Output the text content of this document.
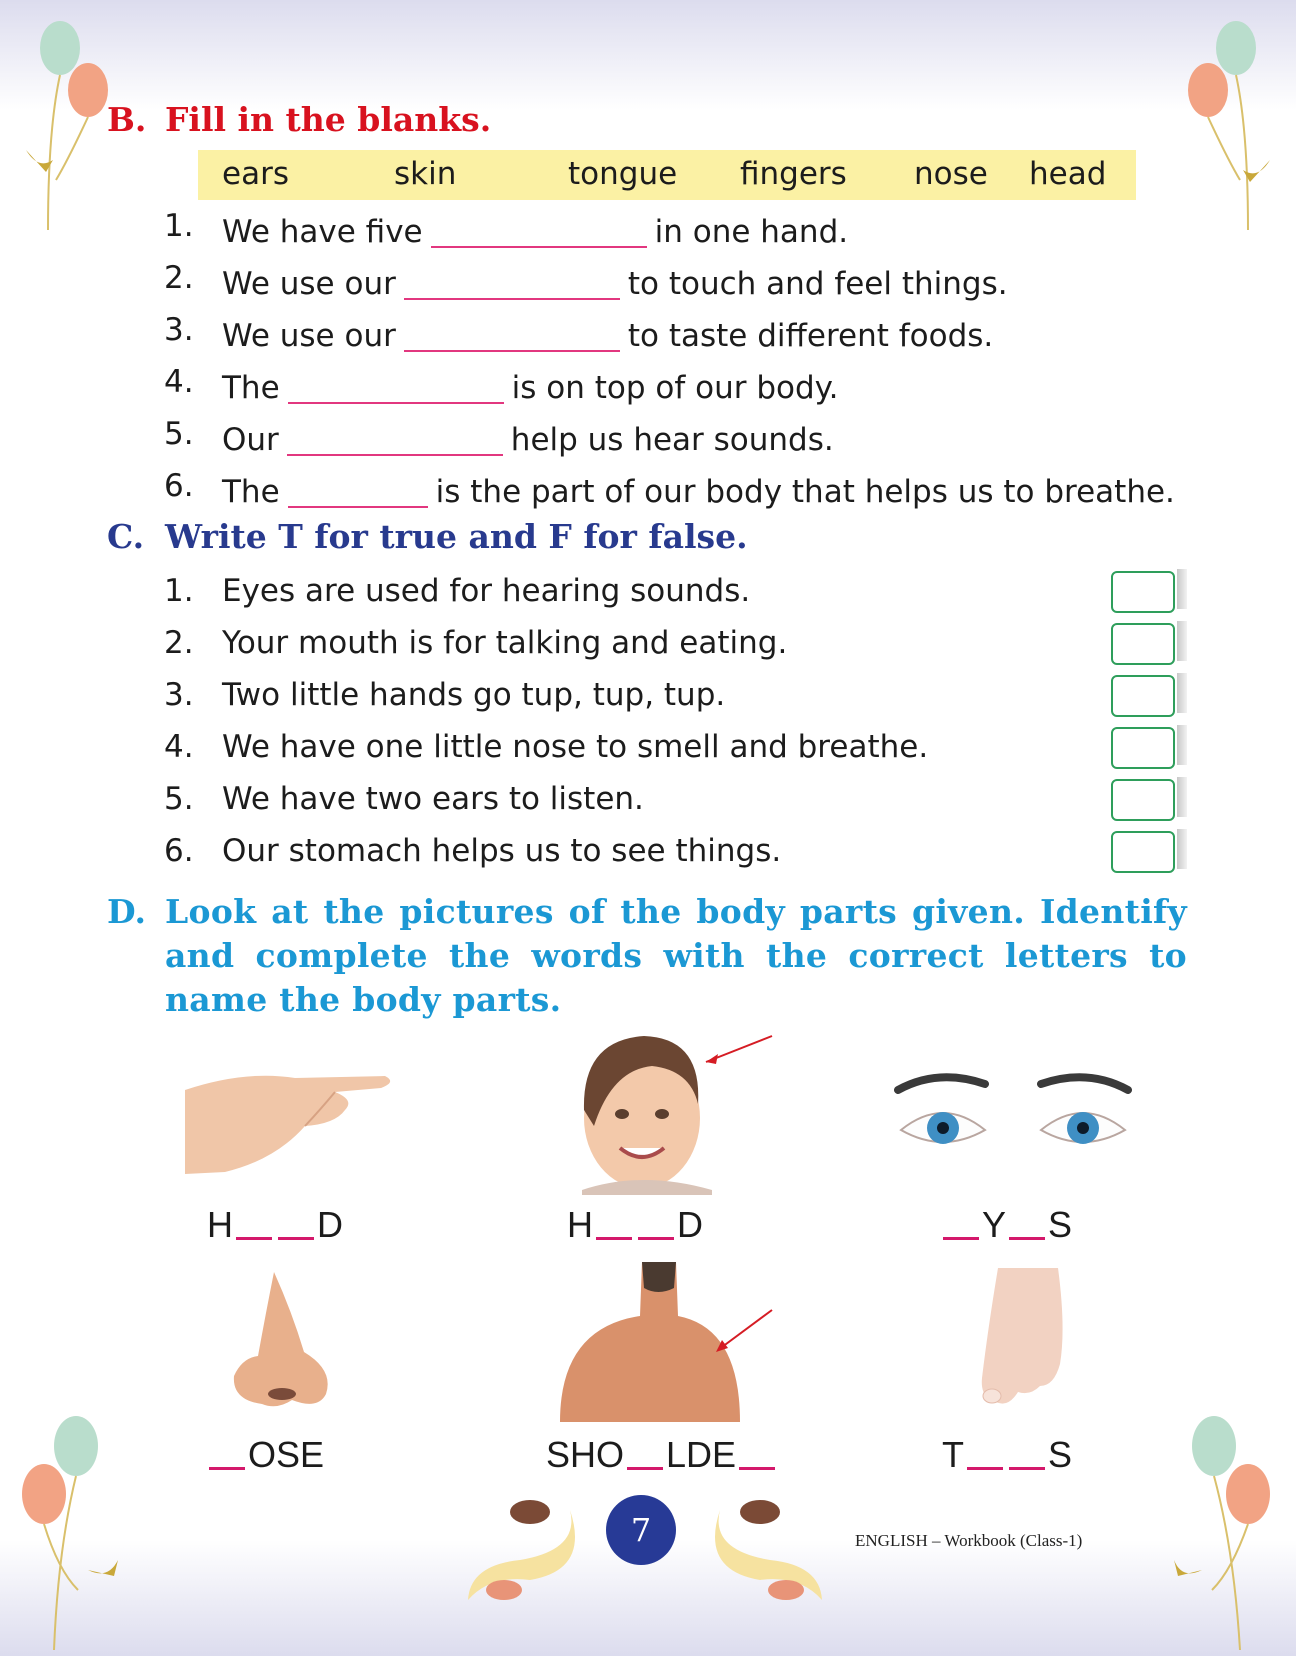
B. Fill in the blanks.
ears	skin	tongue fingers nose head
1. We have five	in one hand.
2. We use our	to touch and feel things.
3. We use our	to taste different foods.
4. The	is on top of our body.
5. Our	help us hear sounds.
6. The	is the part of our body that helps us to breathe.
C. Write T for true and F for false.
1. Eyes are used for hearing sounds.
2. Your mouth is for talking and eating.
3. Two little hands go tup, tup, tup.
4. We have one little nose to smell and breathe.
5. We have two ears to listen.
6. Our stomach helps us to see things.
D. Look at the pictures of the body parts given. Identify and complete the words with the correct letters to name the body parts.
H D	H D	Y S
OSE	SHO LDE	T S
7	ENGLISH – Workbook (Class-1)
